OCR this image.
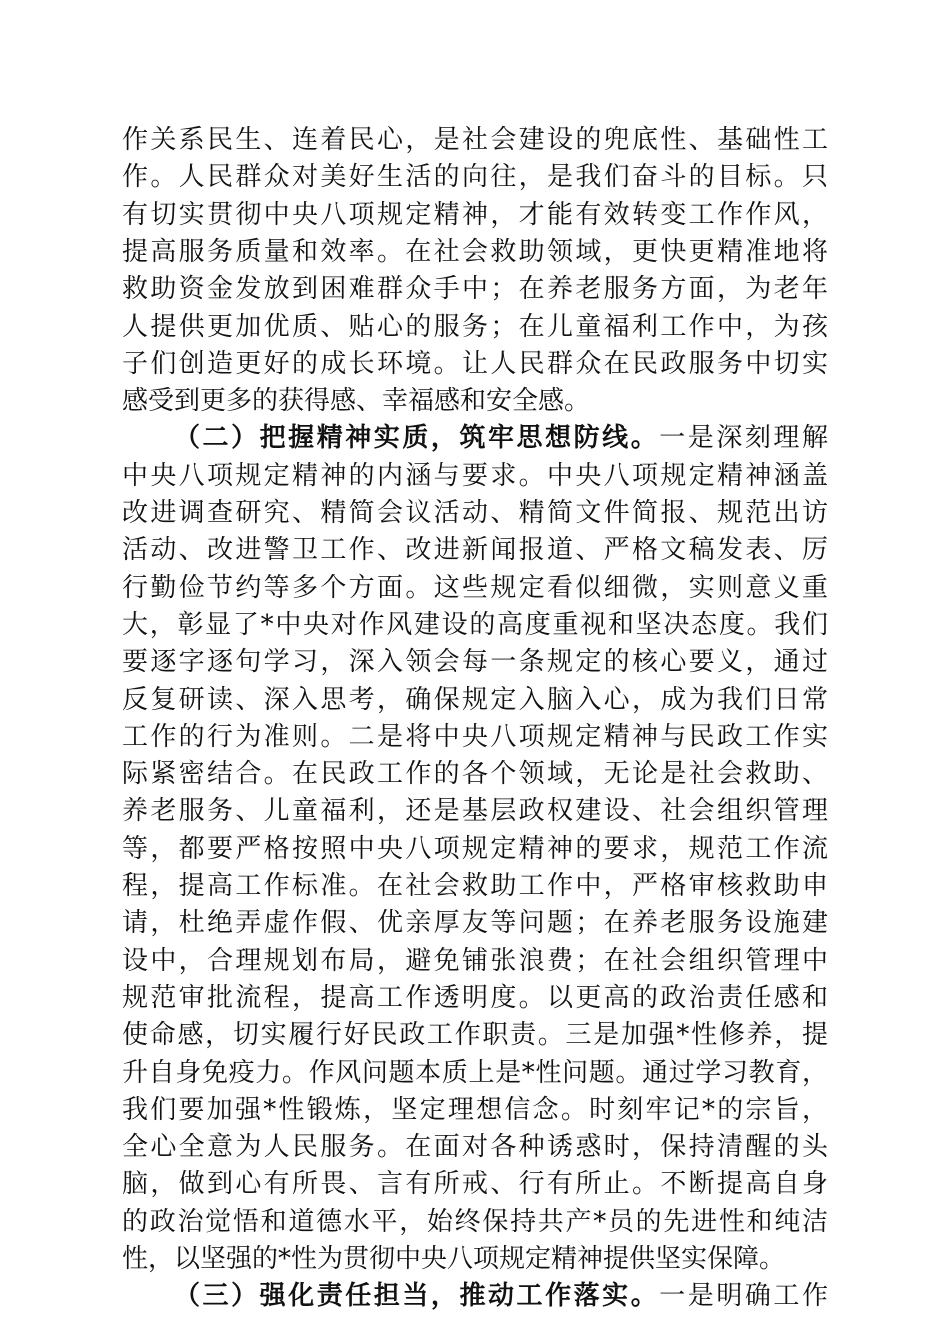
作关系民生、连着民心，是社会建设的兜底性、基础性工
作。人民群众对美好生活的向往，是我们奋斗的目标。只
有切实贯彻中央八项规定精神，才能有效转变工作作风，
提高服务质量和效率。在社会救助领域，更快更精准地将
救助资金发放到困难群众手中；在养老服务方面，为老年
人提供更加优质、贴心的服务；在儿童福利工作中，为孩
子们创造更好的成长环境。让人民群众在民政服务中切实
感受到更多的获得感、幸福感和安全感。
（二）把握精神实质，筑牢思想防线。一是深刻理解
中央八项规定精神的内涵与要求。中央八项规定精神涵盖
改进调查研究、精简会议活动、精简文件简报、规范出访
活动、改进警卫工作、改进新闻报道、严格文稿发表、厉
行勤俭节约等多个方面。这些规定看似细微，实则意义重
大，彰显了*中央对作风建设的高度重视和坚决态度。我们
要逐字逐句学习，深入领会每一条规定的核心要义，通过
反复研读、深入思考，确保规定入脑入心，成为我们日常
工作的行为准则。二是将中央八项规定精神与民政工作实
际紧密结合。在民政工作的各个领域，无论是社会救助、
养老服务、儿童福利，还是基层政权建设、社会组织管理
等，都要严格按照中央八项规定精神的要求，规范工作流
程，提高工作标准。在社会救助工作中，严格审核救助申
请，杜绝弄虚作假、优亲厚友等问题；在养老服务设施建
设中，合理规划布局，避免铺张浪费；在社会组织管理中
规范审批流程，提高工作透明度。以更高的政治责任感和
使命感，切实履行好民政工作职责。三是加强*性修养，提
升自身免疫力。作风问题本质上是*性问题。通过学习教育，
我们要加强*性锻炼，坚定理想信念。时刻牢记*的宗旨，
全心全意为人民服务。在面对各种诱惑时，保持清醒的头
脑，做到心有所畏、言有所戒、行有所止。不断提高自身
的政治觉悟和道德水平，始终保持共产*员的先进性和纯洁
性，以坚强的*性为贯彻中央八项规定精神提供坚实保障。
（三）强化责任担当，推动工作落实。一是明确工作
